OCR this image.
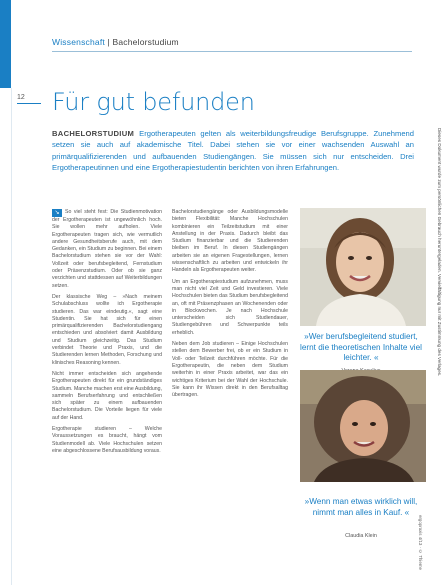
Wissenschaft | Bachelorstudium
12 Für gut befunden
BACHELORSTUDIUM Ergotherapeuten gelten als weiterbildungsfreudige Berufsgruppe. Zunehmend setzen sie auch auf akademische Titel. Dabei stehen sie vor einer wachsenden Auswahl an primärqualifizierenden und aufbauenden Studiengängen. Sie müssen sich nur entscheiden. Drei Ergotherapeutinnen und eine Ergotherapiestudentin berichten von ihren Erfahrungen.

↘ So viel steht fest: Die Studienmotivation der Ergotherapeuten ist ungewöhnlich hoch. Sie wollen mehr aufholen. Viele Ergotherapeuten tragen sich, wie vermutlich andere Gesundheitsberufe auch, mit dem Gedanken, ein Studium zu beginnen. Bei einem Bachelorstudium stehen sie vor der Wahl: Vollzeit oder berufsbegleitend, Fernstudium oder Präsenzstudium. Oder ob sie ganz verzichten und stattdessen auf Weiterbildungen setzen.

Der klassische Weg – »Nach meinem Schulabschluss wollte ich Ergotherapie studieren. Das war eindeutig.«, sagt eine Studentin. Sie hat sich für einen primärqualifizierenden Bachelorstudiengang entschieden und absolviert damit Ausbildung und Studium gleichzeitig. Das Studium verbindet Theorie und Praxis, und die Studierenden lernen Methoden, Forschung und klinisches Reasoning kennen.

Nicht immer entscheiden sich angehende Ergotherapeuten direkt für ein grundständiges Studium. Manche machen erst eine Ausbildung, sammeln Berufserfahrung und entschließen sich später zu einem aufbauenden Bachelorstudium. Die Vorteile liegen für viele auf der Hand.

Ergotherapie studieren – Welche Voraussetzungen es braucht, hängt vom Studienmodell ab. Viele Hochschulen setzen eine abgeschlossene Berufsausbildung voraus.

Bachelorstudiengänge oder Ausbildungsmodelle bieten Flexibilität: Manche Hochschulen kombinieren ein Teilzeitstudium mit einer Anstellung in der Praxis. Dadurch bleibt das Studium finanzierbar und die Studierenden bleiben im Beruf. In diesen Studiengängen arbeiten sie an eigenen Fragestellungen, lernen wissenschaftlich zu arbeiten und entwickeln ihr Handeln als Ergotherapeuten weiter.

Um an Ergotherapiestudium aufzunehmen, muss man nicht viel Zeit und Geld investieren. Viele Hochschulen bieten das Studium berufsbegleitend an, oft mit Präsenzphasen an Wochenenden oder in Blockwochen. Je nach Hochschule unterscheiden sich Studiendauer, Studiengebühren und Schwerpunkte teils erheblich.

Neben dem Job studieren – Einige Hochschulen stellen dem Bewerber frei, ob er ein Studium in Voll- oder Teilzeit durchführen möchte. Für die Ergotherapeutin, die neben dem Studium weiterhin in einer Praxis arbeitet, war das ein wichtiges Kriterium bei der Wahl der Hochschule. Sie kann ihr Wissen direkt in den Berufsalltag übertragen.

»Wer berufsbegleitend studiert, lernt die theoretischen Inhalte viel leichter. «
»Wenn man etwas wirklich will, nimmt man alles in Kauf. «
Claudia Klein
Dieses Dokument wurde zum persönlichen Gebrauch heruntergeladen. Vervielfältigung nur mit Zustimmung des Verlages.
ergopraxis 4/13 · © Thieme
